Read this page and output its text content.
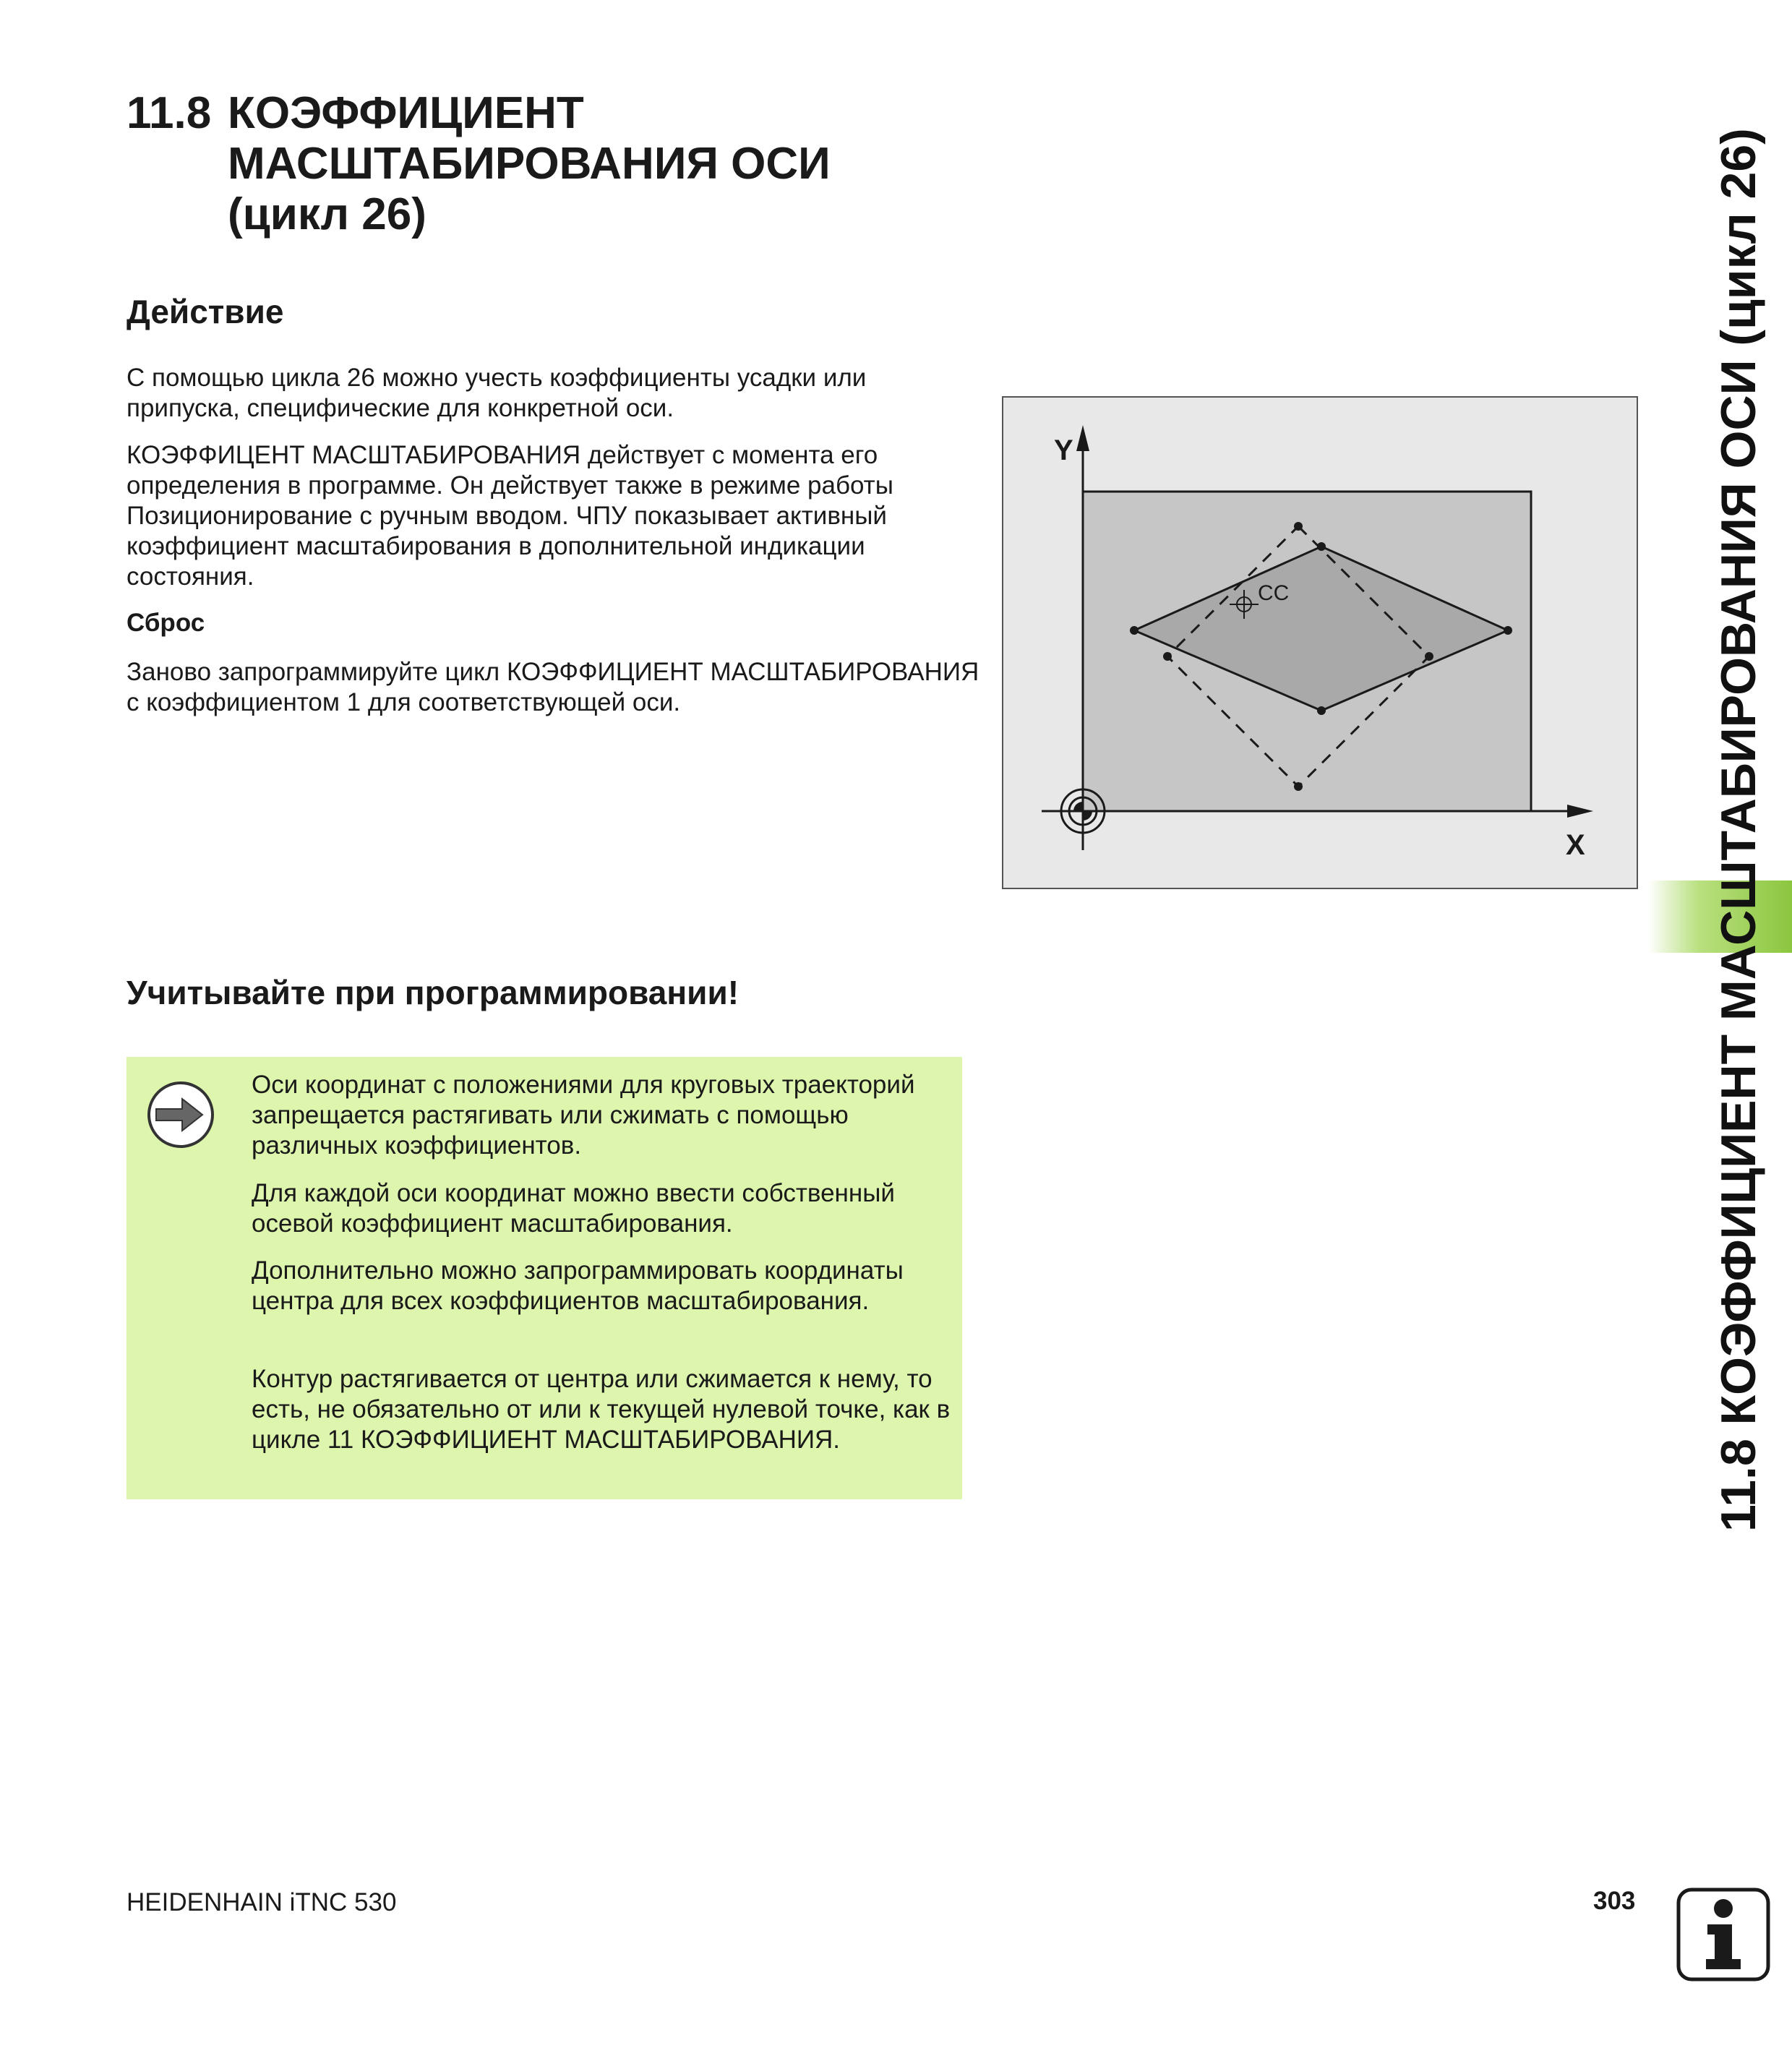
11.8 КОЭФФИЦИЕНТ
МАСШТАБИРОВАНИЯ ОСИ
(цикл 26)
Действие
С помощью цикла 26 можно учесть коэффициенты усадки или припуска, специфические для конкретной оси.
КОЭФФИЦЕНТ МАСШТАБИРОВАНИЯ действует с момента его определения в программе. Он действует также в режиме работы Позиционирование с ручным вводом. ЧПУ показывает активный коэффициент масштабирования в дополнительной индикации состояния.
Сброс
Заново запрограммируйте цикл КОЭФФИЦИЕНТ МАСШТАБИРОВАНИЯ с коэффициентом 1 для соответствующей оси.
Y
X
CC
Учитывайте при программировании!
Оси координат с положениями для круговых траекторий запрещается растягивать или сжимать с помощью различных коэффициентов.
Для каждой оси координат можно ввести собственный осевой коэффициент масштабирования.
Дополнительно можно запрограммировать координаты центра для всех коэффициентов масштабирования.
Контур растягивается от центра или сжимается к нему, то есть, не обязательно от или к текущей нулевой точке, как в цикле 11 КОЭФФИЦИЕНТ МАСШТАБИРОВАНИЯ.	11.8 КОЭФФИЦИЕНТ МАСШТАБИРОВАНИЯ ОСИ (цикл 26)
HEIDENHAIN iTNC 530	303
